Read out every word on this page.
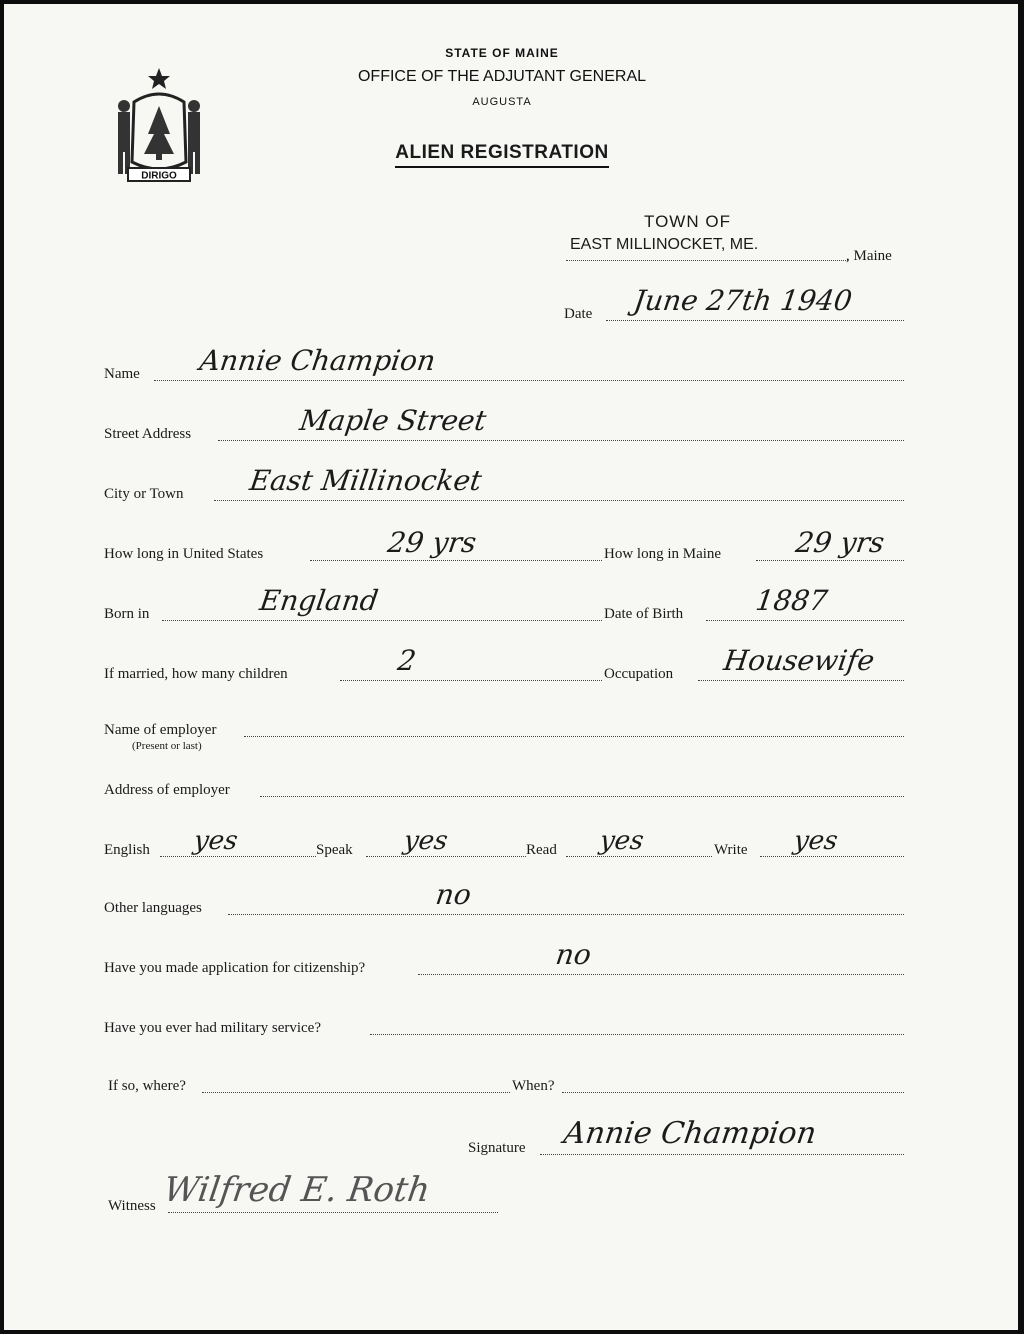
DIRIGO
STATE OF MAINE
OFFICE OF THE ADJUTANT GENERAL
AUGUSTA
ALIEN REGISTRATION
TOWN OF
EAST MILLINOCKET, ME.
, Maine
Date June 27th 1940
Name Annie Champion
Street Address	Maple Street
City or Town East Millinocket
How long in United States	29 yrs	How long in Maine	29 yrs
Born in	England	Date of Birth	1887
If married, how many children	2	Occupation Housewife
Name of employer
(Present or last)
Address of employer
English yes	Speak yes	Read yes	Write yes
Other languages	no
Have you made application for citizenship?	no
Have you ever had military service?
If so, where?	When?
Signature Annie Champion
Witness Wilfred E. Roth
